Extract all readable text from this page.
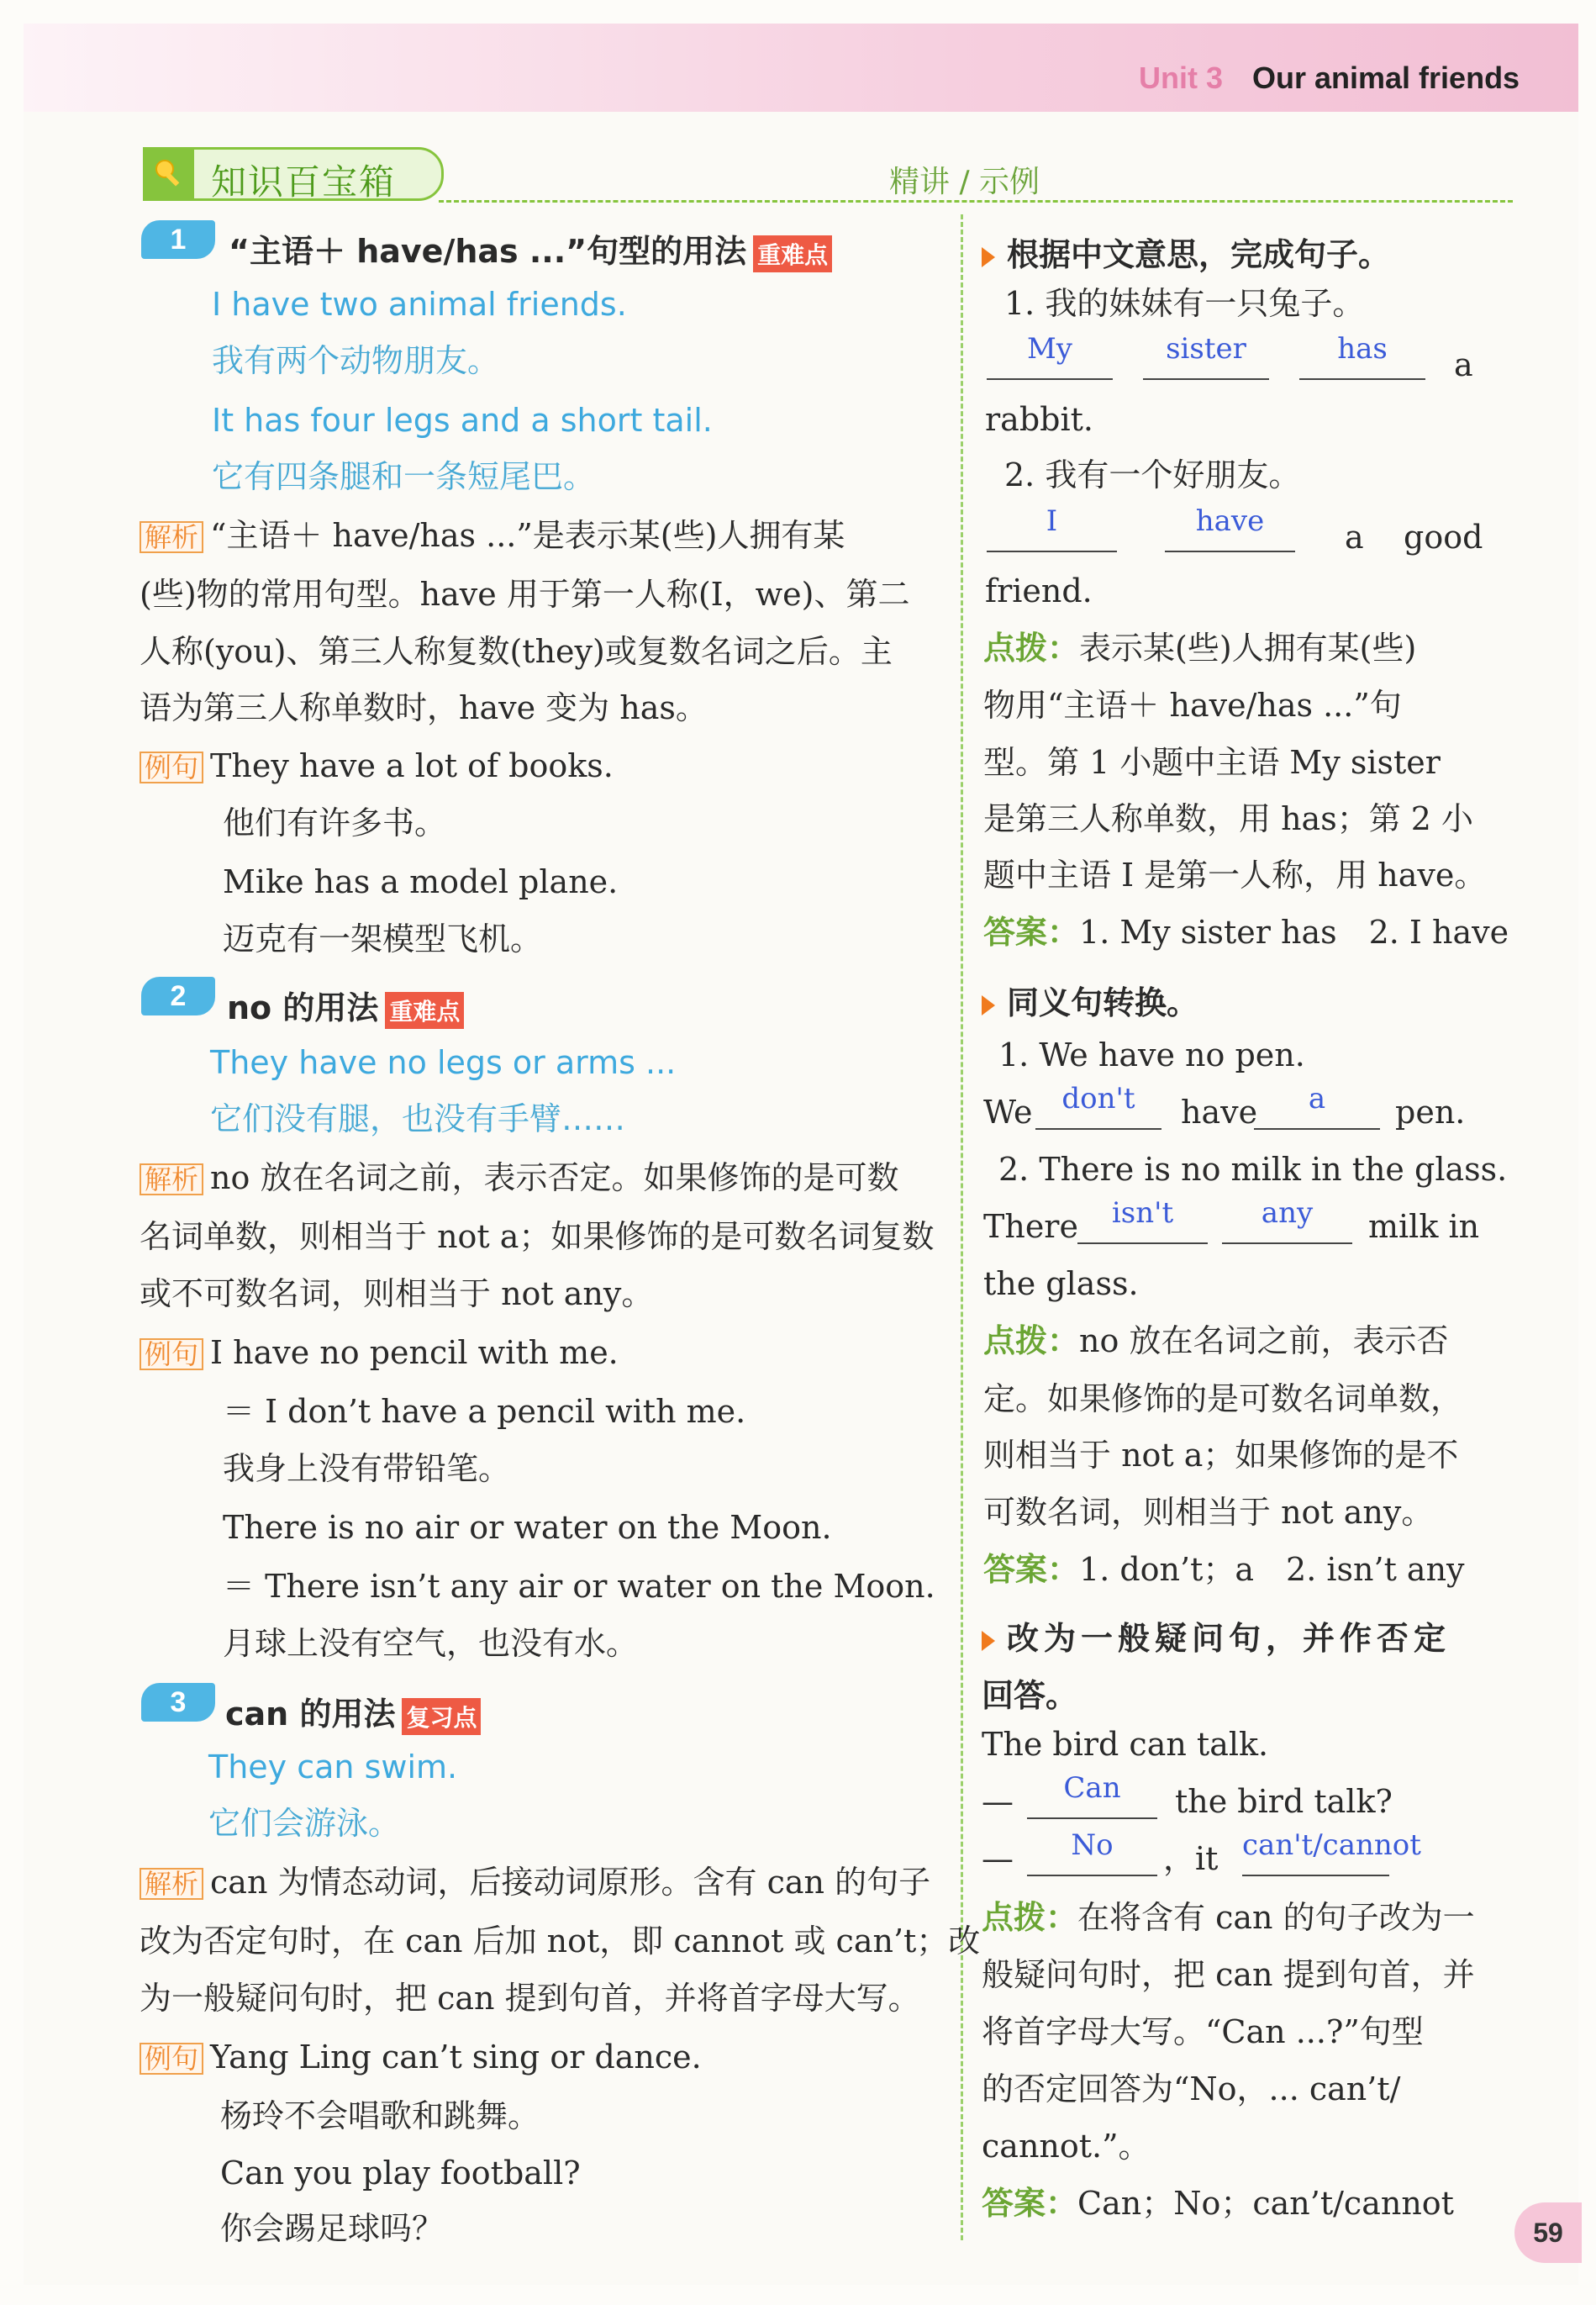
Unit 3 Our animal friends
知识百宝箱	精讲 / 示例
1	“主语＋ have/has ...”句型的用法 重难点
I have two animal friends.
我有两个动物朋友。
It has four legs and a short tail.
它有四条腿和一条短尾巴。
解析 “主语＋ have/has ...”是表示某(些)人拥有某
(些)物的常用句型。have 用于第一人称(I，we)、第二
人称(you)、第三人称复数(they)或复数名词之后。主
语为第三人称单数时，have 变为 has。
例句 They have a lot of books.
他们有许多书。
Mike has a model plane.
迈克有一架模型飞机。
2	no 的用法 重难点
They have no legs or arms ...
它们没有腿，也没有手臂……
解析 no 放在名词之前，表示否定。如果修饰的是可数
名词单数，则相当于 not a；如果修饰的是可数名词复数
或不可数名词，则相当于 not any。
例句 I have no pencil with me.
＝ I don’t have a pencil with me.
我身上没有带铅笔。
There is no air or water on the Moon.
＝ There isn’t any air or water on the Moon.
月球上没有空气，也没有水。
3	can 的用法 复习点
They can swim.
它们会游泳。
解析 can 为情态动词，后接动词原形。含有 can 的句子
改为否定句时，在 can 后加 not，即 cannot 或 can’t；改
为一般疑问句时，把 can 提到句首，并将首字母大写。
例句 Yang Ling can’t sing or dance.
杨玲不会唱歌和跳舞。
Can you play football?
你会踢足球吗？
根据中文意思，完成句子。
1. 我的妹妹有一只兔子。
My	sister	has	a
rabbit.
2. 我有一个好朋友。
I	have	a good
friend.
点拨：表示某(些)人拥有某(些)
物用“主语＋ have/has ...”句
型。第 1 小题中主语 My sister
是第三人称单数，用 has；第 2 小
题中主语 I 是第一人称，用 have。
答案：1. My sister has　2. I have
同义句转换。
1. We have no pen.
We	don't	have	a	pen.
2. There is no milk in the glass.
There	isn't	any	milk in
the glass.
点拨：no 放在名词之前，表示否
定。如果修饰的是可数名词单数，
则相当于 not a；如果修饰的是不
可数名词，则相当于 not any。
答案：1. don’t；a　2. isn’t any
改为一般疑问句，并作否定
回答。
The bird can talk.
—	Can	the bird talk?
—	No	，it can't/cannot
点拨：在将含有 can 的句子改为一
般疑问句时，把 can 提到句首，并
将首字母大写。“Can ...?”句型
的否定回答为“No，... can’t/
cannot.”。
答案：Can；No；can’t/cannot
59
